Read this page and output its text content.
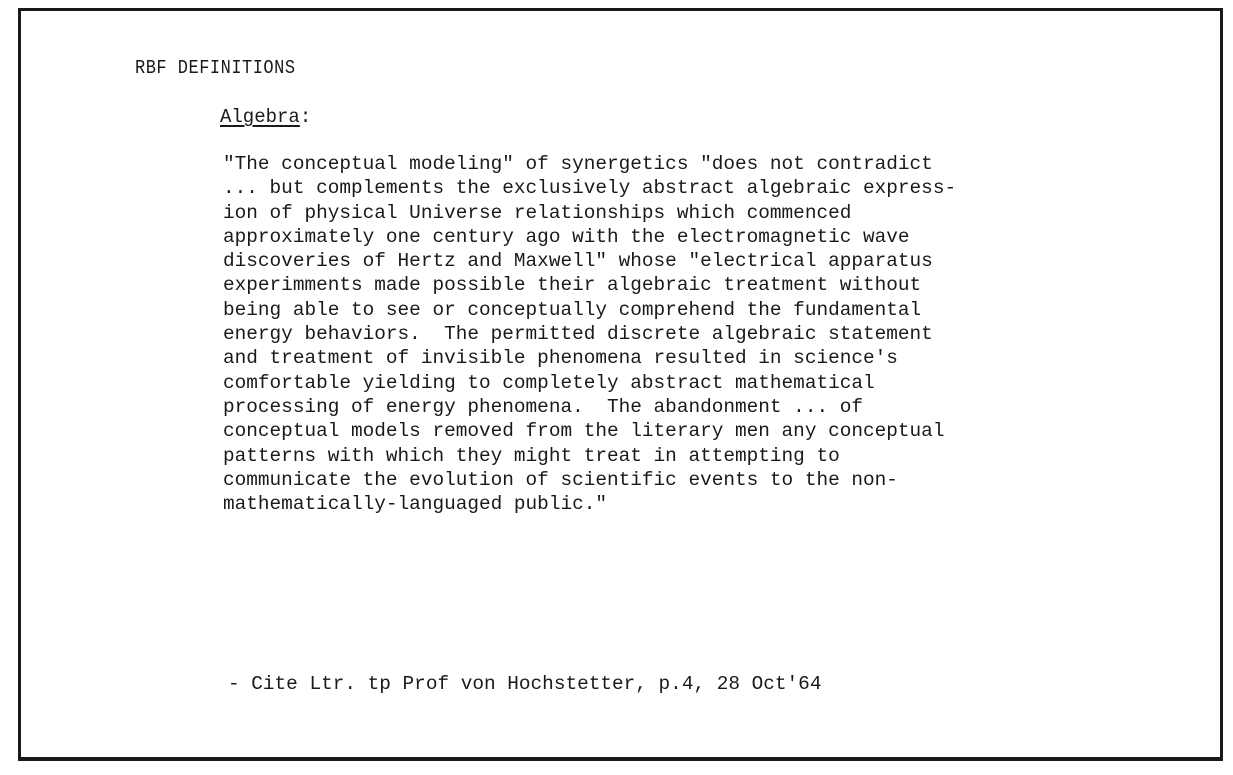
RBF DEFINITIONS
Algebra:
"The conceptual modeling" of synergetics "does not contradict
... but complements the exclusively abstract algebraic express-
ion of physical Universe relationships which commenced
approximately one century ago with the electromagnetic wave
discoveries of Hertz and Maxwell" whose "electrical apparatus
experimments made possible their algebraic treatment without
being able to see or conceptually comprehend the fundamental
energy behaviors.  The permitted discrete algebraic statement
and treatment of invisible phenomena resulted in science's
comfortable yielding to completely abstract mathematical
processing of energy phenomena.  The abandonment ... of
conceptual models removed from the literary men any conceptual
patterns with which they might treat in attempting to
communicate the evolution of scientific events to the non-
mathematically-languaged public."
- Cite Ltr. tp Prof von Hochstetter, p.4, 28 Oct'64
